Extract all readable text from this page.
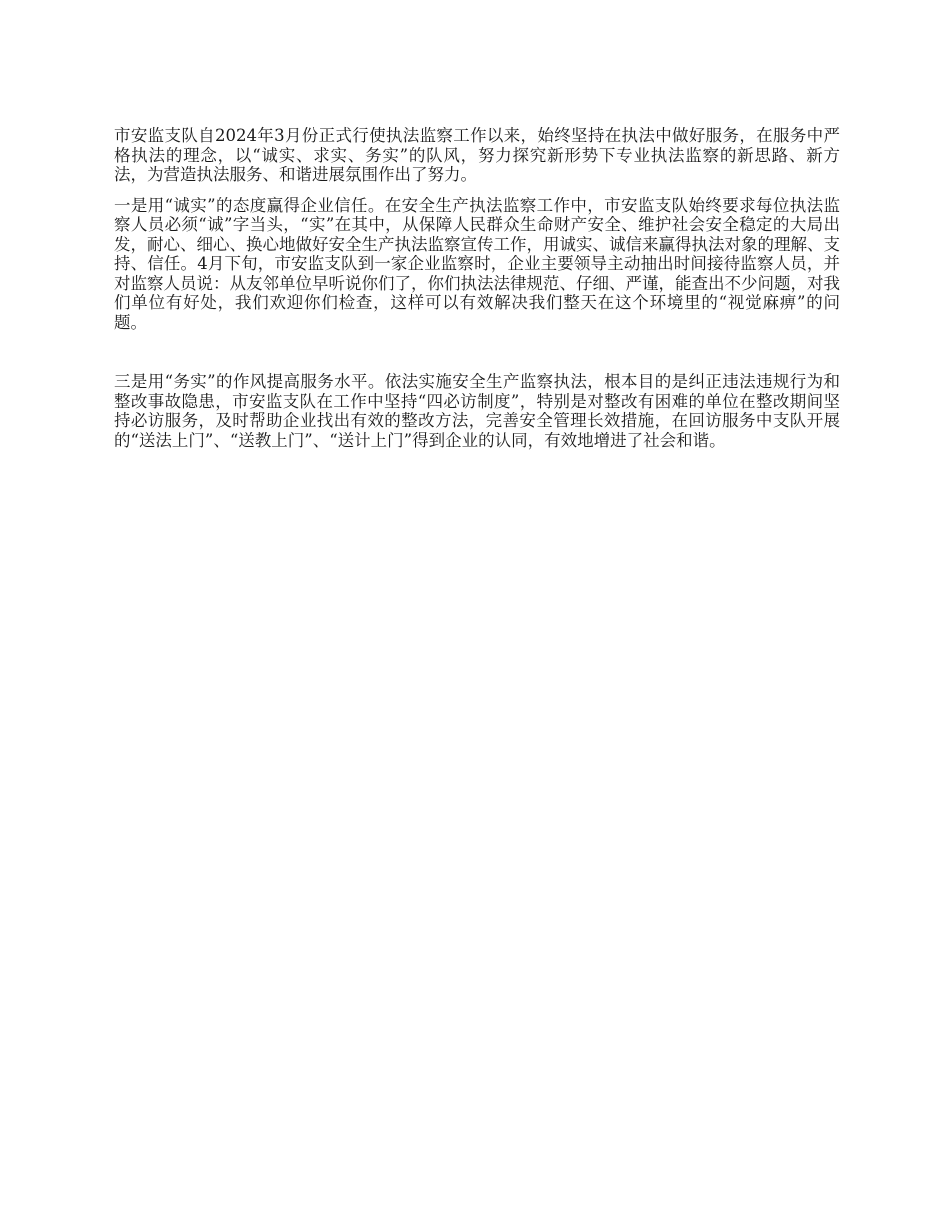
市安监支队自2024年3月份正式行使执法监察工作以来，始终坚持在执法中做好服务，在服务中严格执法的理念，以“诚实、求实、务实”的队风，努力探究新形势下专业执法监察的新思路、新方法，为营造执法服务、和谐进展氛围作出了努力。

一是用“诚实”的态度赢得企业信任。在安全生产执法监察工作中，市安监支队始终要求每位执法监察人员必须“诚”字当头，“实”在其中，从保障人民群众生命财产安全、维护社会安全稳定的大局出发，耐心、细心、换心地做好安全生产执法监察宣传工作，用诚实、诚信来赢得执法对象的理解、支持、信任。4月下旬，市安监支队到一家企业监察时，企业主要领导主动抽出时间接待监察人员，并对监察人员说：从友邻单位早听说你们了，你们执法法律规范、仔细、严谨，能查出不少问题，对我们单位有好处，我们欢迎你们检查，这样可以有效解决我们整天在这个环境里的“视觉麻痹”的问题。

三是用“务实”的作风提高服务水平。依法实施安全生产监察执法，根本目的是纠正违法违规行为和整改事故隐患，市安监支队在工作中坚持“四必访制度”，特别是对整改有困难的单位在整改期间坚持必访服务，及时帮助企业找出有效的整改方法，完善安全管理长效措施，在回访服务中支队开展的“送法上门”、“送教上门”、“送计上门”得到企业的认同，有效地增进了社会和谐。
